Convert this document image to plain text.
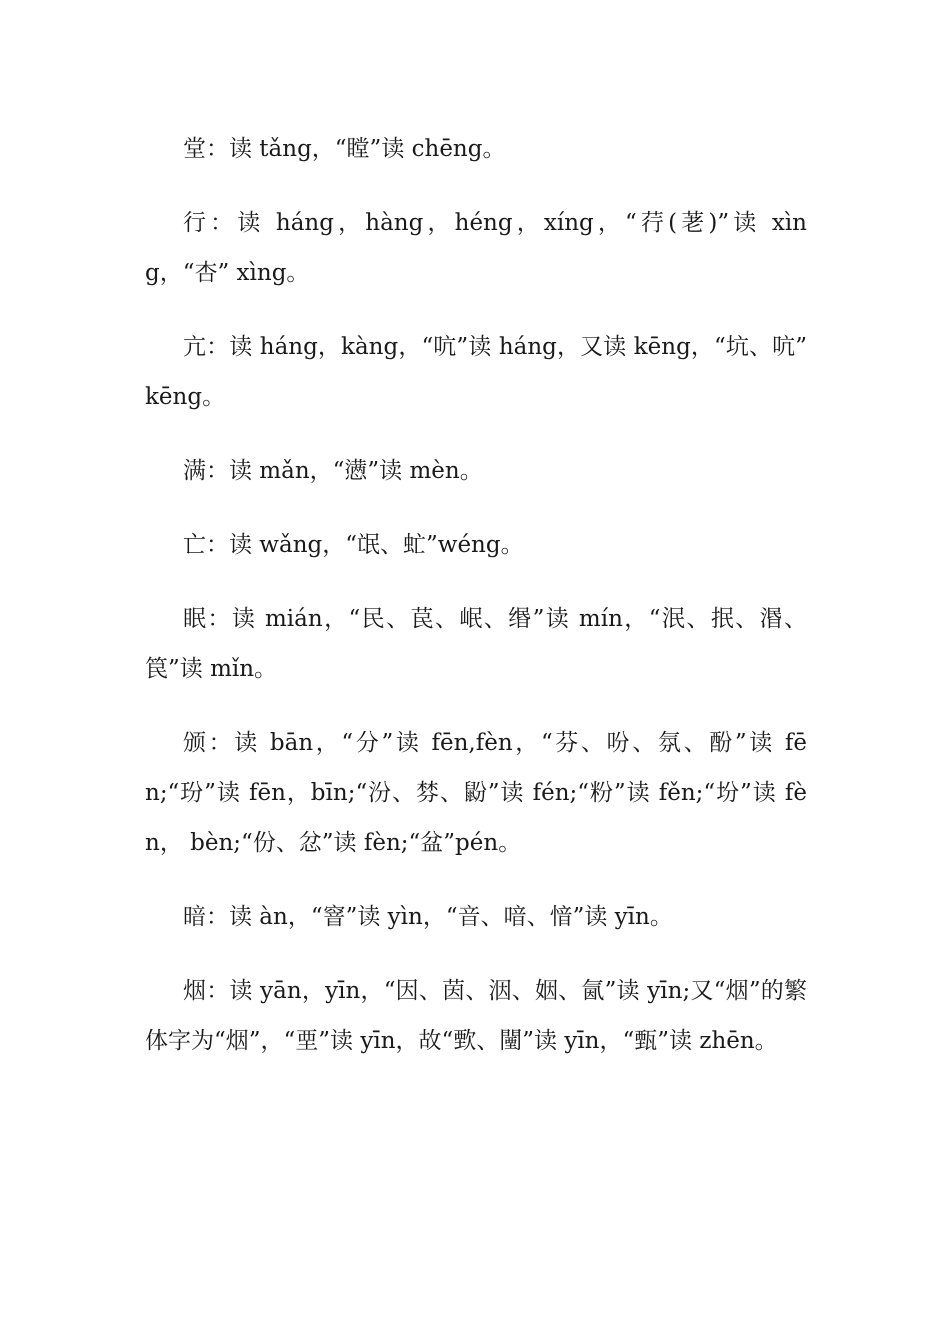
堂：读 tǎng，“瞠”读 chēng。

行：读 háng，hàng，héng，xíng，“荇(荖)”读 xìng，“杏” xìng。

亢：读 háng，kàng，“吭”读 háng，又读 kēng，“坑、吭” kēng。

满：读 mǎn，“懑”读 mèn。

亡：读 wǎng，“氓、虻”wéng。

眠：读 mián，“民、苠、岷、缗”读 mín，“泯、抿、湣、笢”读 mǐn。

颁：读 bān，“分”读 fēn,fèn，“芬、吩、氛、酚”读 fēn;“玢”读 fēn，bīn;“汾、棼、鼢”读 fén;“粉”读 fěn;“坋”读 fèn， bèn;“份、忿”读 fèn;“盆”pén。

暗：读 àn，“窨”读 yìn，“音、喑、愔”读 yīn。

烟：读 yān，yīn，“因、茵、洇、姻、氤”读 yīn;又“烟”的繁体字为“烟”，“垔”读 yīn，故“歅、闉”读 yīn，“甄”读 zhēn。
